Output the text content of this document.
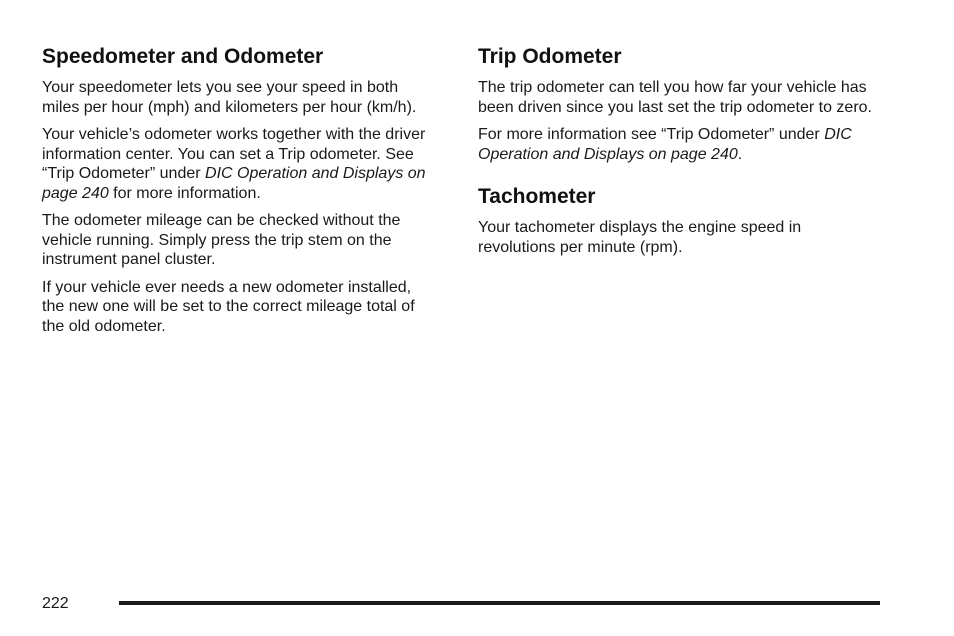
Speedometer and Odometer

Your speedometer lets you see your speed in both miles per hour (mph) and kilometers per hour (km/h).

Your vehicle’s odometer works together with the driver information center. You can set a Trip odometer. See “Trip Odometer” under DIC Operation and Displays on page 240 for more information.

The odometer mileage can be checked without the vehicle running. Simply press the trip stem on the instrument panel cluster.

If your vehicle ever needs a new odometer installed, the new one will be set to the correct mileage total of the old odometer.

Trip Odometer

The trip odometer can tell you how far your vehicle has been driven since you last set the trip odometer to zero.

For more information see “Trip Odometer” under DIC Operation and Displays on page 240.

Tachometer

Your tachometer displays the engine speed in revolutions per minute (rpm).

222
